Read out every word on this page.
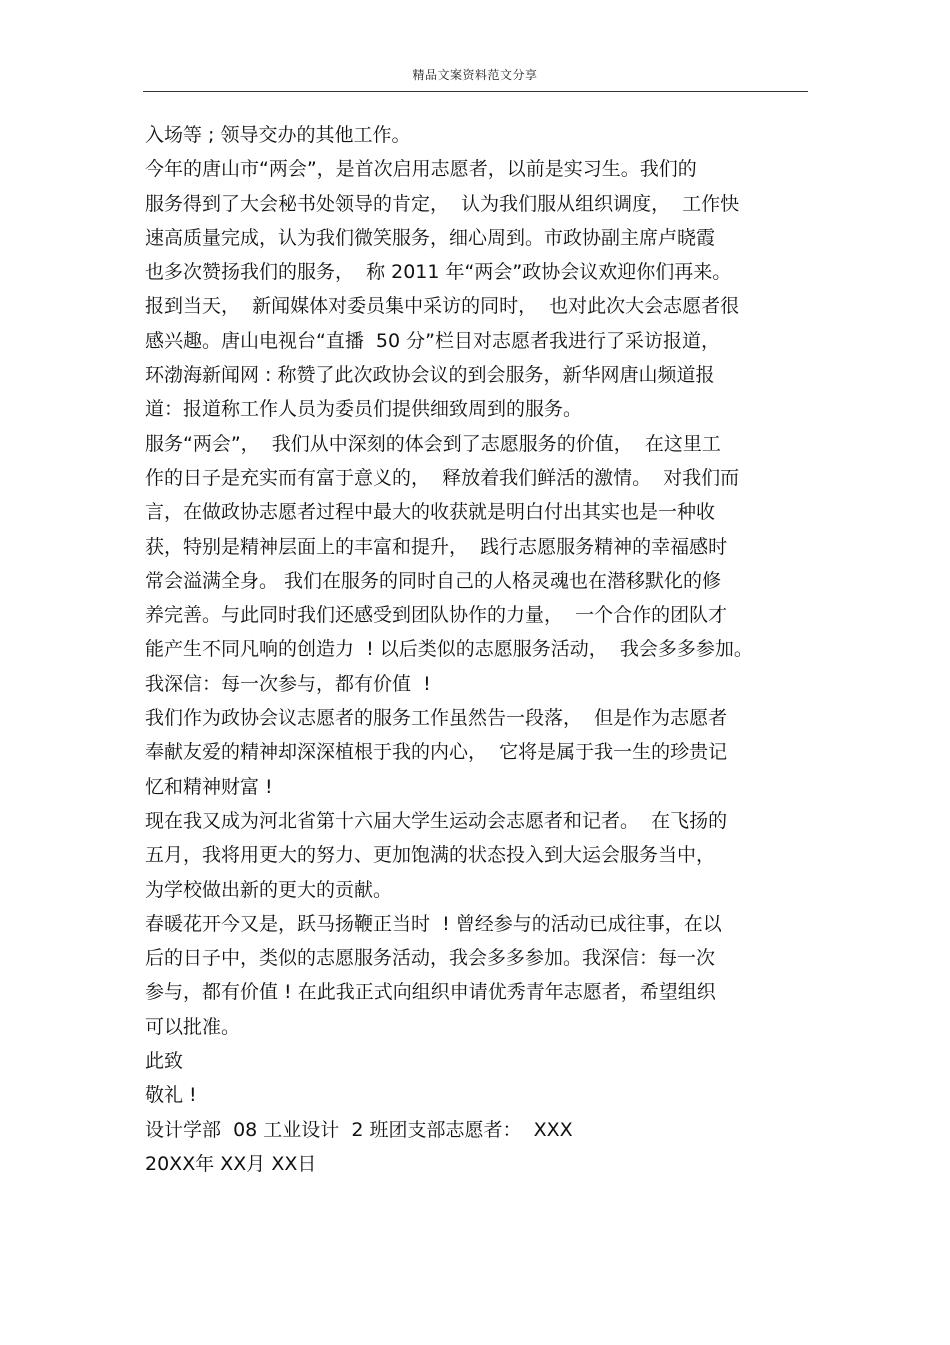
精品文案资料范文分享
入场等 ; 领导交办的其他工作。
今年的唐山市“两会”，是首次启用志愿者，以前是实习生。我们的
服务得到了大会秘书处领导的肯定，  认为我们服从组织调度，  工作快
速高质量完成，认为我们微笑服务，细心周到。市政协副主席卢晓霞
也多次赞扬我们的服务，  称 2011 年“两会”政协会议欢迎你们再来。
报到当天，  新闻媒体对委员集中采访的同时，  也对此次大会志愿者很
感兴趣。唐山电视台“直播  50 分”栏目对志愿者我进行了采访报道，
环渤海新闻网 : 称赞了此次政协会议的到会服务，新华网唐山频道报
道：报道称工作人员为委员们提供细致周到的服务。
服务“两会”，  我们从中深刻的体会到了志愿服务的价值，  在这里工
作的日子是充实而有富于意义的，  释放着我们鲜活的激情。  对我们而
言，在做政协志愿者过程中最大的收获就是明白付出其实也是一种收
获，特别是精神层面上的丰富和提升，  践行志愿服务精神的幸福感时
常会溢满全身。 我们在服务的同时自己的人格灵魂也在潜移默化的修
养完善。与此同时我们还感受到团队协作的力量，  一个合作的团队才
能产生不同凡响的创造力  ! 以后类似的志愿服务活动，  我会多多参加。
我深信：每一次参与，都有价值  !
我们作为政协会议志愿者的服务工作虽然告一段落，  但是作为志愿者
奉献友爱的精神却深深植根于我的内心，  它将是属于我一生的珍贵记
忆和精神财富 !
现在我又成为河北省第十六届大学生运动会志愿者和记者。  在飞扬的
五月，我将用更大的努力、更加饱满的状态投入到大运会服务当中，
为学校做出新的更大的贡献。
春暖花开今又是，跃马扬鞭正当时  ! 曾经参与的活动已成往事，在以
后的日子中，类似的志愿服务活动，我会多多参加。我深信：每一次
参与，都有价值 ! 在此我正式向组织申请优秀青年志愿者，希望组织
可以批准。
此致
敬礼 !
设计学部  08 工业设计  2 班团支部志愿者：  XXX
20XX年 XX月 XX日
